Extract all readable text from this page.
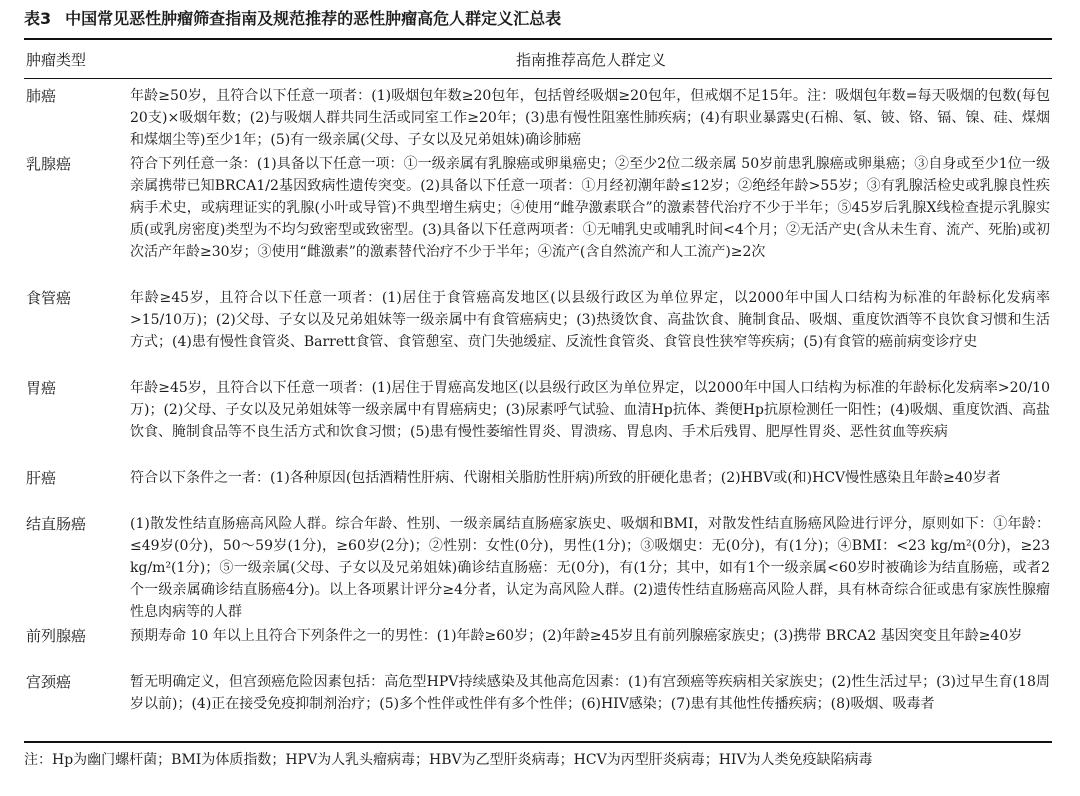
表3 中国常见恶性肿瘤筛查指南及规范推荐的恶性肿瘤高危人群定义汇总表
肿瘤类型	指南推荐高危人群定义
肺癌	年龄≥50岁，且符合以下任意一项者：(1)吸烟包年数≥20包年，包括曾经吸烟≥20包年，但戒烟不足15年。注：吸烟包年数=每天吸烟的包数(每包20支)×吸烟年数；(2)与吸烟人群共同生活或同室工作≥20年；(3)患有慢性阻塞性肺疾病；(4)有职业暴露史(石棉、氡、铍、铬、镉、镍、硅、煤烟和煤烟尘等)至少1年；(5)有一级亲属(父母、子女以及兄弟姐妹)确诊肺癌
乳腺癌	符合下列任意一条：(1)具备以下任意一项：①一级亲属有乳腺癌或卵巢癌史；②至少2位二级亲属 50岁前患乳腺癌或卵巢癌；③自身或至少1位一级亲属携带已知BRCA1/2基因致病性遗传突变。(2)具备以下任意一项者：①月经初潮年龄≤12岁；②绝经年龄>55岁；③有乳腺活检史或乳腺良性疾病手术史，或病理证实的乳腺(小叶或导管)不典型增生病史；④使用“雌孕激素联合”的激素替代治疗不少于半年；⑤45岁后乳腺X线检查提示乳腺实质(或乳房密度)类型为不均匀致密型或致密型。(3)具备以下任意两项者：①无哺乳史或哺乳时间<4个月；②无活产史(含从未生育、流产、死胎)或初次活产年龄≥30岁；③使用“雌激素”的激素替代治疗不少于半年；④流产(含自然流产和人工流产)≥2次
食管癌	年龄≥45岁，且符合以下任意一项者：(1)居住于食管癌高发地区(以县级行政区为单位界定，以2000年中国人口结构为标准的年龄标化发病率>15/10万)；(2)父母、子女以及兄弟姐妹等一级亲属中有食管癌病史；(3)热烫饮食、高盐饮食、腌制食品、吸烟、重度饮酒等不良饮食习惯和生活方式；(4)患有慢性食管炎、Barrett食管、食管憩室、贲门失弛缓症、反流性食管炎、食管良性狭窄等疾病；(5)有食管的癌前病变诊疗史
胃癌	年龄≥45岁，且符合以下任意一项者：(1)居住于胃癌高发地区(以县级行政区为单位界定，以2000年中国人口结构为标准的年龄标化发病率>20/10万)；(2)父母、子女以及兄弟姐妹等一级亲属中有胃癌病史；(3)尿素呼气试验、血清Hp抗体、粪便Hp抗原检测任一阳性；(4)吸烟、重度饮酒、高盐饮食、腌制食品等不良生活方式和饮食习惯；(5)患有慢性萎缩性胃炎、胃溃疡、胃息肉、手术后残胃、肥厚性胃炎、恶性贫血等疾病
肝癌	符合以下条件之一者：(1)各种原因(包括酒精性肝病、代谢相关脂肪性肝病)所致的肝硬化患者；(2)HBV或(和)HCV慢性感染且年龄≥40岁者
结直肠癌	(1)散发性结直肠癌高风险人群。综合年龄、性别、一级亲属结直肠癌家族史、吸烟和BMI，对散发性结直肠癌风险进行评分，原则如下：①年龄：≤49岁(0分)，50～59岁(1分)，≥60岁(2分)；②性别：女性(0分)，男性(1分)；③吸烟史：无(0分)，有(1分)；④BMI：<23 kg/m²(0分)，≥23 kg/m²(1分)；⑤一级亲属(父母、子女以及兄弟姐妹)确诊结直肠癌：无(0分)，有(1分；其中，如有1个一级亲属<60岁时被确诊为结直肠癌，或者2个一级亲属确诊结直肠癌4分)。以上各项累计评分≥4分者，认定为高风险人群。(2)遗传性结直肠癌高风险人群，具有林奇综合征或患有家族性腺瘤性息肉病等的人群
前列腺癌	预期寿命 10 年以上且符合下列条件之一的男性：(1)年龄≥60岁；(2)年龄≥45岁且有前列腺癌家族史；(3)携带 BRCA2 基因突变且年龄≥40岁
宫颈癌	暂无明确定义，但宫颈癌危险因素包括：高危型HPV持续感染及其他高危因素：(1)有宫颈癌等疾病相关家族史；(2)性生活过早；(3)过早生育(18周岁以前)；(4)正在接受免疫抑制剂治疗；(5)多个性伴或性伴有多个性伴；(6)HIV感染；(7)患有其他性传播疾病；(8)吸烟、吸毒者
注：Hp为幽门螺杆菌；BMI为体质指数；HPV为人乳头瘤病毒；HBV为乙型肝炎病毒；HCV为丙型肝炎病毒；HIV为人类免疫缺陷病毒
